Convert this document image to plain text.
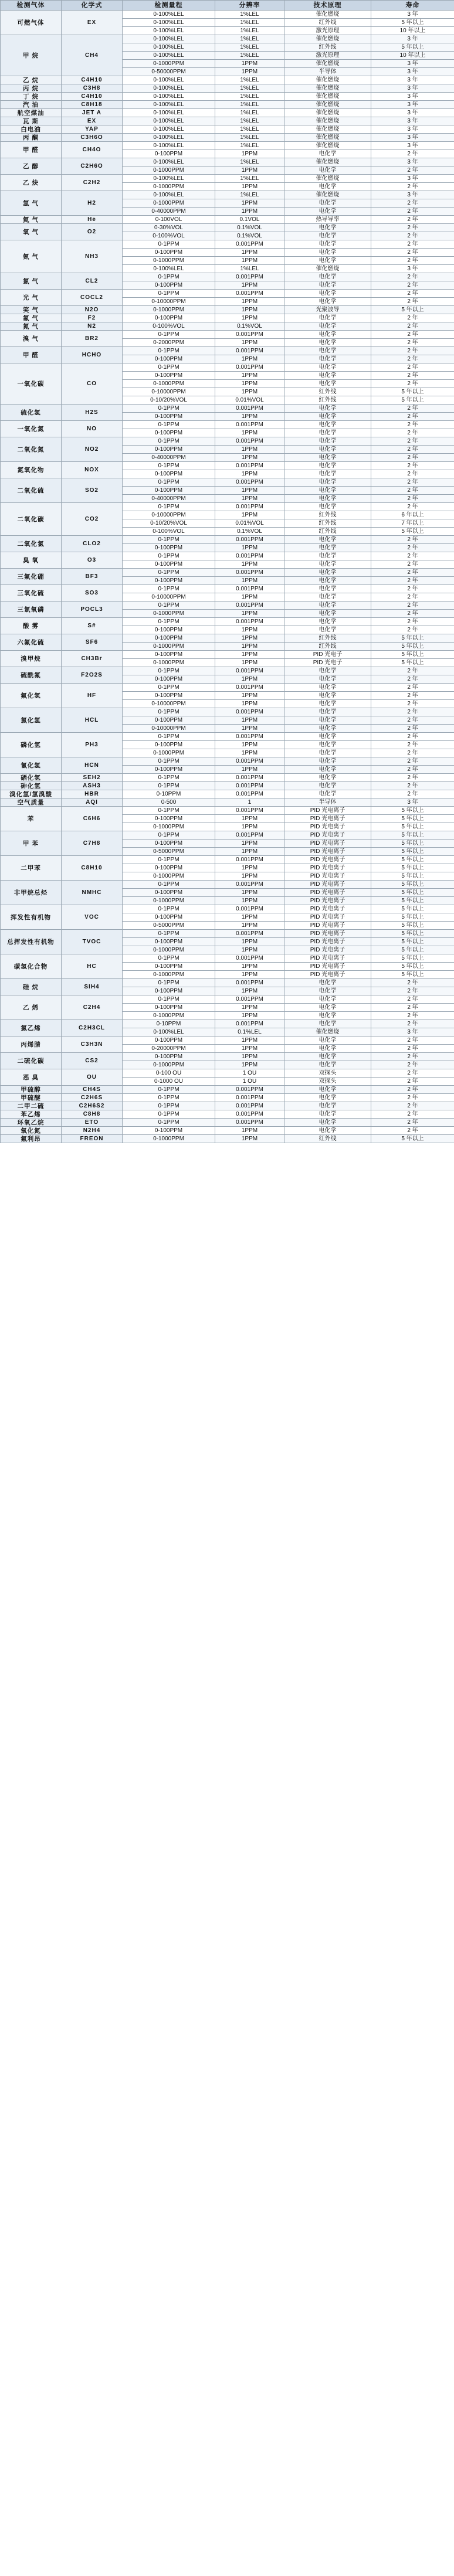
检测气体	化学式	检测量程	分辨率	技术原理	寿命
可燃气体	EX	0-100%LEL	1%LEL	催化燃烧	3 年
		0-100%LEL	1%LEL	红外线	5 年以上
		0-100%LEL	1%LEL	激光原理	10 年以上
甲 烷	CH4	0-100%LEL	1%LEL	催化燃烧	3 年
		0-100%LEL	1%LEL	红外线	5 年以上
		0-100%LEL	1%LEL	激光原理	10 年以上
		0-1000PPM	1PPM	催化燃烧	3 年
		0-50000PPM	1PPM	半导体	3 年
乙 烷	C4H10	0-100%LEL	1%LEL	催化燃烧	3 年
丙 烷	C3H8	0-100%LEL	1%LEL	催化燃烧	3 年
丁 烷	C4H10	0-100%LEL	1%LEL	催化燃烧	3 年
汽 油	C8H18	0-100%LEL	1%LEL	催化燃烧	3 年
航空煤油	JET A	0-100%LEL	1%LEL	催化燃烧	3 年
瓦 斯	EX	0-100%LEL	1%LEL	催化燃烧	3 年
白电油	YAP	0-100%LEL	1%LEL	催化燃烧	3 年
丙 酮	C3H6O	0-100%LEL	1%LEL	催化燃烧	3 年
甲 醛	CH4O	0-100%LEL	1%LEL	催化燃烧	3 年
		0-100PPM	1PPM	电化学	2 年
乙 醇	C2H6O	0-100%LEL	1%LEL	催化燃烧	3 年
		0-1000PPM	1PPM	电化学	2 年
乙 炔	C2H2	0-100%LEL	1%LEL	催化燃烧	3 年
		0-1000PPM	1PPM	电化学	2 年
氢 气	H2	0-100%LEL	1%LEL	催化燃烧	3 年
		0-1000PPM	1PPM	电化学	2 年
		0-40000PPM	1PPM	电化学	2 年
氦 气	He	0-100VOL	0.1VOL	热导导率	2 年
氧 气	O2	0-30%VOL	0.1%VOL	电化学	2 年
		0-100%VOL	0.1%VOL	电化学	2 年
氨 气	NH3	0-1PPM	0.001PPM	电化学	2 年
		0-100PPM	1PPM	电化学	2 年
		0-1000PPM	1PPM	电化学	2 年
		0-100%LEL	1%LEL	催化燃烧	3 年
氯 气	CL2	0-1PPM	0.001PPM	电化学	2 年
		0-100PPM	1PPM	电化学	2 年
光 气	COCL2	0-1PPM	0.001PPM	电化学	2 年
		0-10000PPM	1PPM	电化学	2 年
笑 气	N2O	0-1000PPM	1PPM	光聚波导	5 年以上
氟 气	F2	0-100PPM	1PPM	电化学	2 年
氮 气	N2	0-100%VOL	0.1%VOL	电化学	2 年
溴 气	BR2	0-1PPM	0.001PPM	电化学	2 年
		0-2000PPM	1PPM	电化学	2 年
甲 醛	HCHO	0-1PPM	0.001PPM	电化学	2 年
		0-100PPM	1PPM	电化学	2 年
一氧化碳	CO	0-1PPM	0.001PPM	电化学	2 年
		0-100PPM	1PPM	电化学	2 年
		0-1000PPM	1PPM	电化学	2 年
		0-10000PPM	1PPM	红外线	5 年以上
		0-10/20%VOL	0.01%VOL	红外线	5 年以上
硫化氢	H2S	0-1PPM	0.001PPM	电化学	2 年
		0-100PPM	1PPM	电化学	2 年
一氧化氮	NO	0-1PPM	0.001PPM	电化学	2 年
		0-100PPM	1PPM	电化学	2 年
二氧化氮	NO2	0-1PPM	0.001PPM	电化学	2 年
		0-100PPM	1PPM	电化学	2 年
		0-40000PPM	1PPM	电化学	2 年
氮氧化物	NOX	0-1PPM	0.001PPM	电化学	2 年
		0-100PPM	1PPM	电化学	2 年
二氧化硫	SO2	0-1PPM	0.001PPM	电化学	2 年
		0-100PPM	1PPM	电化学	2 年
		0-40000PPM	1PPM	电化学	2 年
二氧化碳	CO2	0-1PPM	0.001PPM	电化学	2 年
		0-10000PPM	1PPM	红外线	6 年以上
		0-10/20%VOL	0.01%VOL	红外线	7 年以上
		0-100%VOL	0.1%VOL	红外线	5 年以上
二氧化氯	CLO2	0-1PPM	0.001PPM	电化学	2 年
		0-100PPM	1PPM	电化学	2 年
臭 氧	O3	0-1PPM	0.001PPM	电化学	2 年
		0-100PPM	1PPM	电化学	2 年
三氟化硼	BF3	0-1PPM	0.001PPM	电化学	2 年
		0-100PPM	1PPM	电化学	2 年
三氧化硫	SO3	0-1PPM	0.001PPM	电化学	2 年
		0-10000PPM	1PPM	电化学	2 年
三氯氧磷	POCL3	0-1PPM	0.001PPM	电化学	2 年
		0-1000PPM	1PPM	电化学	2 年
酸 雾	S#	0-1PPM	0.001PPM	电化学	2 年
		0-100PPM	1PPM	电化学	2 年
六氟化硫	SF6	0-100PPM	1PPM	红外线	5 年以上
		0-1000PPM	1PPM	红外线	5 年以上
溴甲烷	CH3Br	0-100PPM	1PPM	PID 光电子	5 年以上
		0-1000PPM	1PPM	PID 光电子	5 年以上
硫酰氟	F2O2S	0-1PPM	0.001PPM	电化学	2 年
		0-100PPM	1PPM	电化学	2 年
氟化氢	HF	0-1PPM	0.001PPM	电化学	2 年
		0-100PPM	1PPM	电化学	2 年
		0-10000PPM	1PPM	电化学	2 年
氯化氢	HCL	0-1PPM	0.001PPM	电化学	2 年
		0-100PPM	1PPM	电化学	2 年
		0-10000PPM	1PPM	电化学	2 年
磷化氢	PH3	0-1PPM	0.001PPM	电化学	2 年
		0-100PPM	1PPM	电化学	2 年
		0-1000PPM	1PPM	电化学	2 年
氰化氢	HCN	0-1PPM	0.001PPM	电化学	2 年
		0-100PPM	1PPM	电化学	2 年
硒化氢	SEH2	0-1PPM	0.001PPM	电化学	2 年
砷化氢	ASH3	0-1PPM	0.001PPM	电化学	2 年
溴化氢/氢溴酸	HBR	0-10PPM	0.001PPM	电化学	2 年
空气质量	AQI	0-500	1	半导体	3 年
苯	C6H6	0-1PPM	0.001PPM	PID 光电离子	5 年以上
		0-100PPM	1PPM	PID 光电离子	5 年以上
		0-1000PPM	1PPM	PID 光电离子	5 年以上
甲 苯	C7H8	0-1PPM	0.001PPM	PID 光电离子	5 年以上
		0-100PPM	1PPM	PID 光电离子	5 年以上
		0-5000PPM	1PPM	PID 光电离子	5 年以上
二甲苯	C8H10	0-1PPM	0.001PPM	PID 光电离子	5 年以上
		0-100PPM	1PPM	PID 光电离子	5 年以上
		0-1000PPM	1PPM	PID 光电离子	5 年以上
非甲烷总烃	NMHC	0-1PPM	0.001PPM	PID 光电离子	5 年以上
		0-100PPM	1PPM	PID 光电离子	5 年以上
		0-1000PPM	1PPM	PID 光电离子	5 年以上
挥发性有机物	VOC	0-1PPM	0.001PPM	PID 光电离子	5 年以上
		0-100PPM	1PPM	PID 光电离子	5 年以上
		0-5000PPM	1PPM	PID 光电离子	5 年以上
总挥发性有机物	TVOC	0-1PPM	0.001PPM	PID 光电离子	5 年以上
		0-100PPM	1PPM	PID 光电离子	5 年以上
		0-1000PPM	1PPM	PID 光电离子	5 年以上
碳氢化合物	HC	0-1PPM	0.001PPM	PID 光电离子	5 年以上
		0-100PPM	1PPM	PID 光电离子	5 年以上
		0-1000PPM	1PPM	PID 光电离子	5 年以上
硅 烷	SIH4	0-1PPM	0.001PPM	电化学	2 年
		0-100PPM	1PPM	电化学	2 年
乙 烯	C2H4	0-1PPM	0.001PPM	电化学	2 年
		0-100PPM	1PPM	电化学	2 年
		0-1000PPM	1PPM	电化学	2 年
氯乙烯	C2H3CL	0-10PPM	0.001PPM	电化学	2 年
		0-100%LEL	0.1%LEL	催化燃烧	3 年
丙烯腈	C3H3N	0-100PPM	1PPM	电化学	2 年
		0-20000PPM	1PPM	电化学	2 年
二硫化碳	CS2	0-100PPM	1PPM	电化学	2 年
		0-1000PPM	1PPM	电化学	2 年
恶 臭	OU	0-100 OU	1 OU	双探头	2 年
		0-1000 OU	1 OU	双探头	2 年
甲硫醇	CH4S	0-1PPM	0.001PPM	电化学	2 年
甲硫醚	C2H6S	0-1PPM	0.001PPM	电化学	2 年
二甲二硫	C2H6S2	0-1PPM	0.001PPM	电化学	2 年
苯乙烯	C8H8	0-1PPM	0.001PPM	电化学	2 年
环氧乙烷	ETO	0-1PPM	0.001PPM	电化学	2 年
氧化氮	N2H4	0-100PPM	1PPM	电化学	2 年
氟利昂	FREON	0-1000PPM	1PPM	红外线	5 年以上
